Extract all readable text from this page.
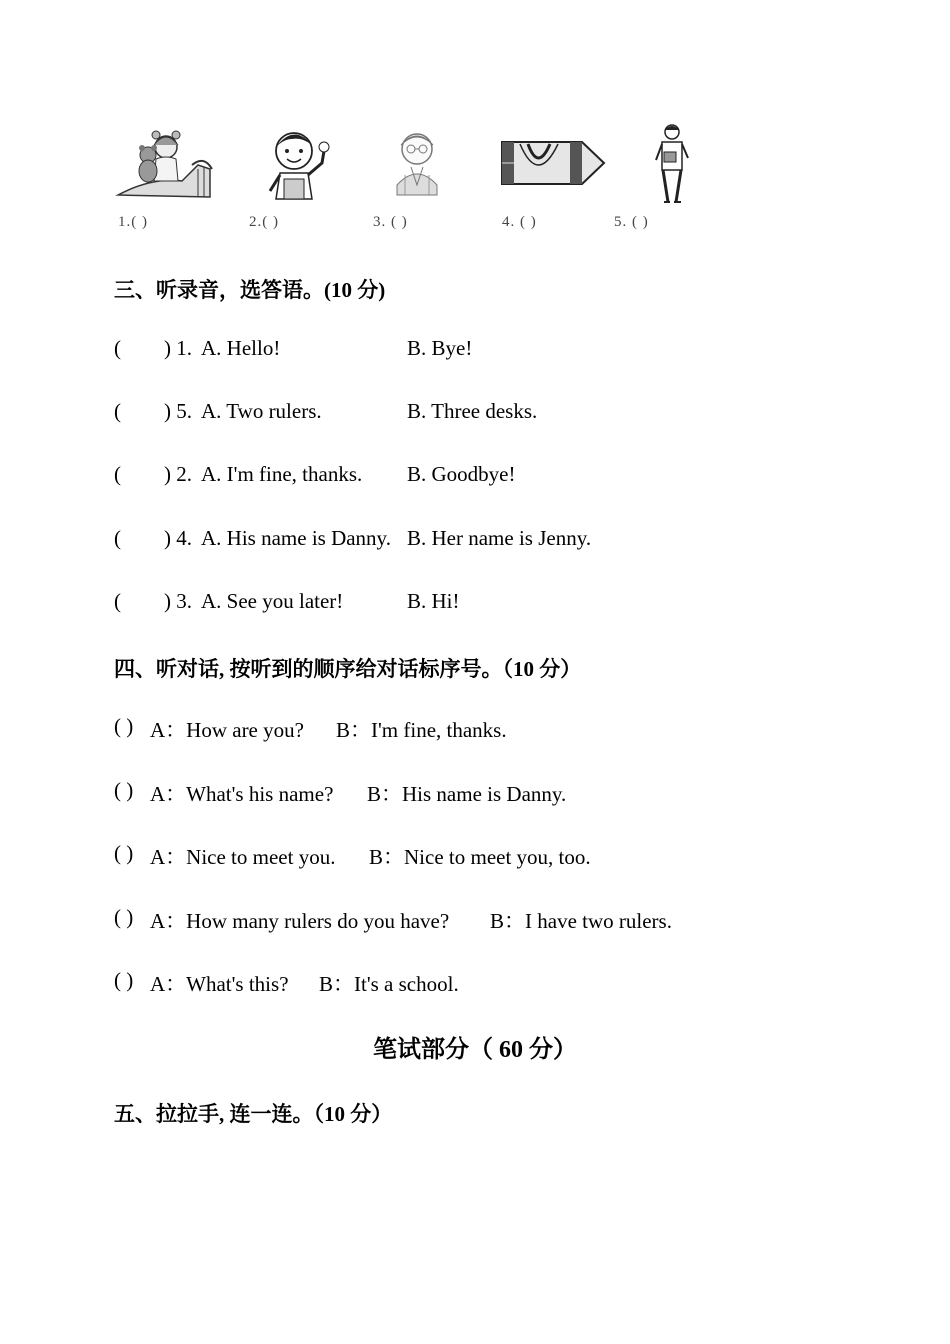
1.( )	2.( )	3. ( )	4. ( )	5. ( )
三、听录音，选答语。(10 分)
( ) 1. A. Hello!	B. Bye!
( ) 5. A. Two rulers.	B. Three desks.
( ) 2. A. I'm fine, thanks. B. Goodbye!
( ) 4. A. His name is Danny. B. Her name is Jenny.
( ) 3. A. See you later!	B. Hi!
四、听对话, 按听到的顺序给对话标序号。（10 分）
( ) A：How are you? B：I'm fine, thanks.
( ) A：What's his name? B：His name is Danny.
( ) A：Nice to meet you. B：Nice to meet you, too.
( ) A：How many rulers do you have? B：I have two rulers.
( ) A：What's this? B：It's a school.
笔试部分（ 60 分）
五、拉拉手, 连一连。（10 分）
